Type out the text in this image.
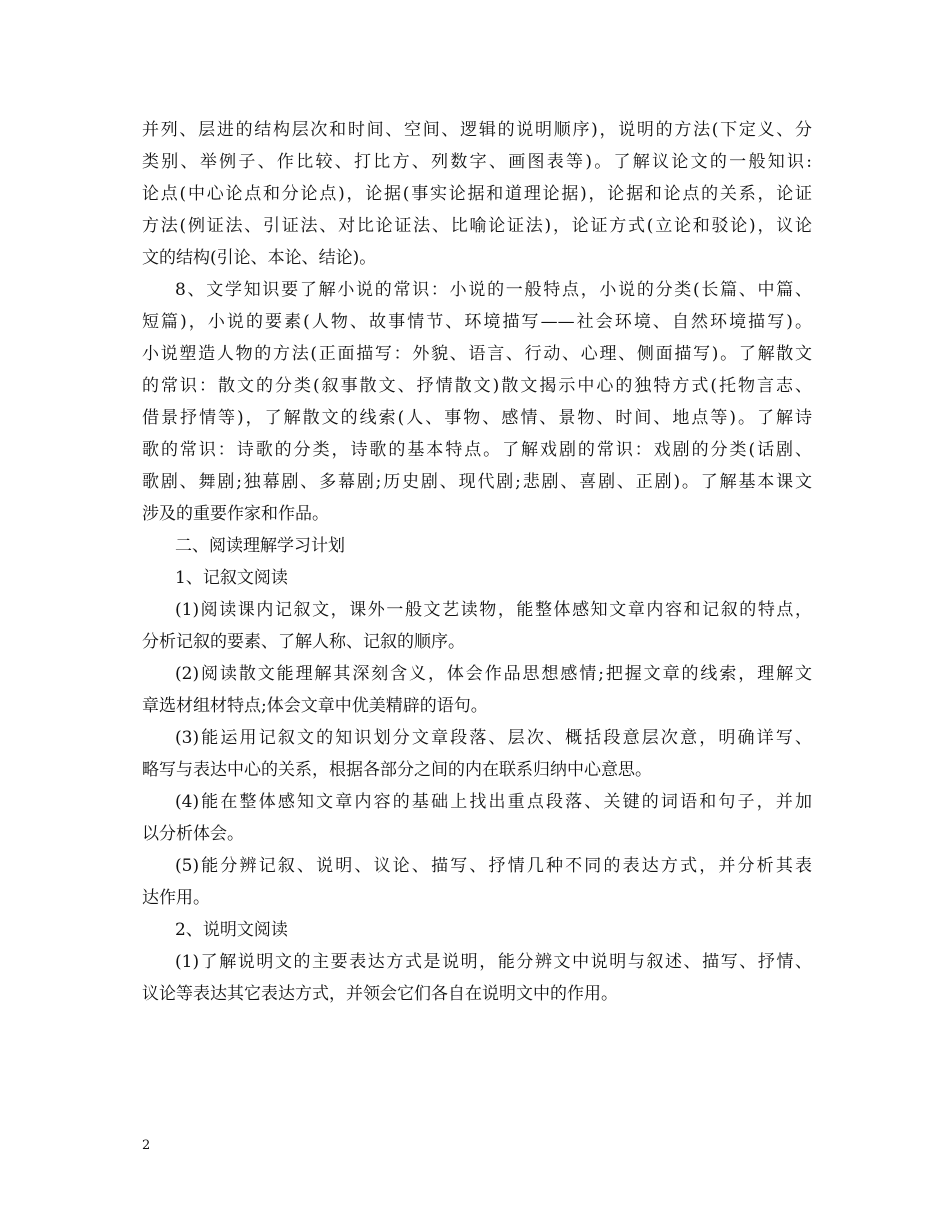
并列、层进的结构层次和时间、空间、逻辑的说明顺序)，说明的方法(下定义、分
类别、举例子、作比较、打比方、列数字、画图表等)。了解议论文的一般知识:
论点(中心论点和分论点)，论据(事实论据和道理论据)，论据和论点的关系，论证
方法(例证法、引证法、对比论证法、比喻论证法)，论证方式(立论和驳论)，议论
文的结构(引论、本论、结论)。
8、文学知识要了解小说的常识：小说的一般特点，小说的分类(长篇、中篇、
短篇)，小说的要素(人物、故事情节、环境描写——社会环境、自然环境描写)。
小说塑造人物的方法(正面描写：外貌、语言、行动、心理、侧面描写)。了解散文
的常识：散文的分类(叙事散文、抒情散文)散文揭示中心的独特方式(托物言志、
借景抒情等)，了解散文的线索(人、事物、感情、景物、时间、地点等)。了解诗
歌的常识：诗歌的分类，诗歌的基本特点。了解戏剧的常识：戏剧的分类(话剧、
歌剧、舞剧;独幕剧、多幕剧;历史剧、现代剧;悲剧、喜剧、正剧)。了解基本课文
涉及的重要作家和作品。
二、阅读理解学习计划
1、记叙文阅读
(1)阅读课内记叙文，课外一般文艺读物，能整体感知文章内容和记叙的特点，
分析记叙的要素、了解人称、记叙的顺序。
(2)阅读散文能理解其深刻含义，体会作品思想感情;把握文章的线索，理解文
章选材组材特点;体会文章中优美精辟的语句。
(3)能运用记叙文的知识划分文章段落、层次、概括段意层次意，明确详写、
略写与表达中心的关系，根据各部分之间的内在联系归纳中心意思。
(4)能在整体感知文章内容的基础上找出重点段落、关键的词语和句子，并加
以分析体会。
(5)能分辨记叙、说明、议论、描写、抒情几种不同的表达方式，并分析其表
达作用。
2、说明文阅读
(1)了解说明文的主要表达方式是说明，能分辨文中说明与叙述、描写、抒情、
议论等表达其它表达方式，并领会它们各自在说明文中的作用。
2
